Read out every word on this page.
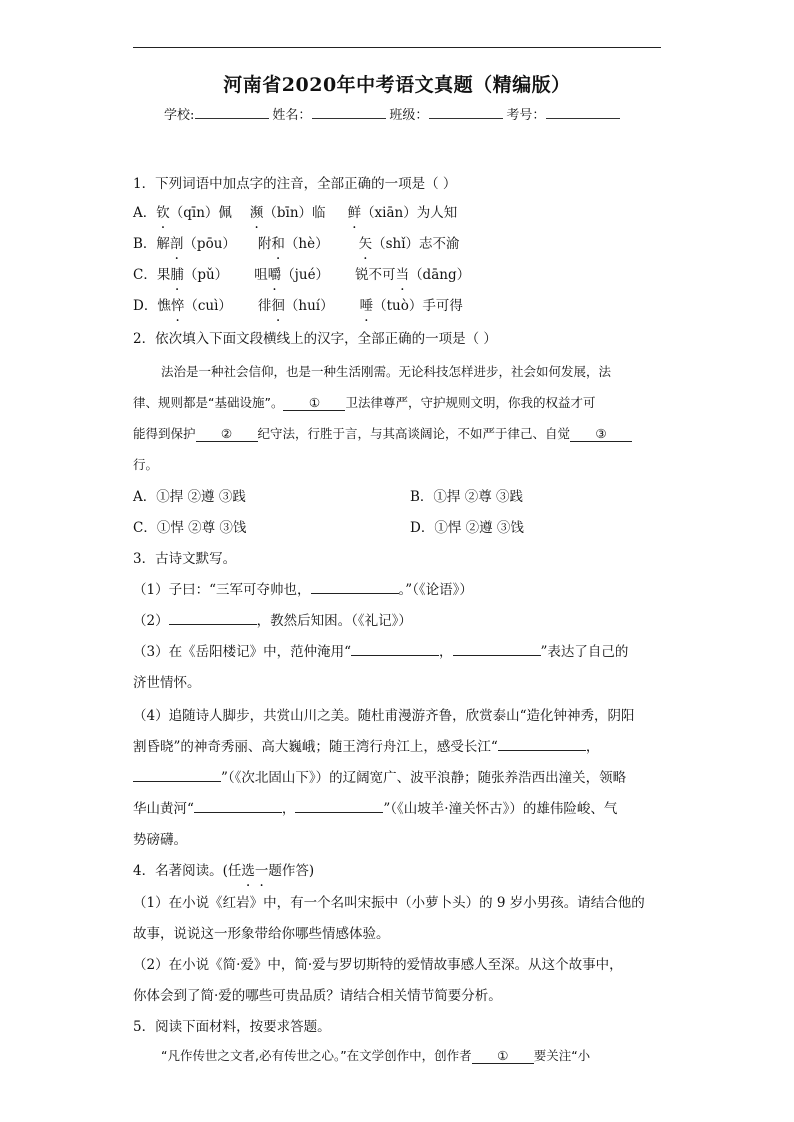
河南省2020年中考语文真题（精编版）
学校:	姓名：	班级：	考号：
1．下列词语中加点字的注音，全部正确的一项是（ ）
A．钦（qīn）佩 濒（bīn）临 鲜（xiān）为人知
B．解剖（pōu） 附和（hè） 矢（shǐ）志不渝
C．果脯（pǔ） 咀嚼（jué） 锐不可当（dāng）
D．憔悴（cuì） 徘徊（huí） 唾（tuò）手可得
2．依次填入下面文段横线上的汉字，全部正确的一项是（ ）
法治是一种社会信仰，也是一种生活刚需。无论科技怎样进步，社会如何发展，法
律、规则都是“基础设施”。 ① 卫法律尊严，守护规则文明，你我的权益才可
能得到保护 ② 纪守法，行胜于言，与其高谈阔论，不如严于律己、自觉 ③
行。
A．①捍 ②遵 ③践	B．①捍 ②尊 ③践
C．①悍 ②尊 ③饯	D．①悍 ②遵 ③饯
3．古诗文默写。
（1）子曰：“三军可夺帅也，	。”（《论语》）
（2）	，教然后知困。（《礼记》）
（3）在《岳阳楼记》中，范仲淹用“	，	”表达了自己的
济世情怀。
（4）追随诗人脚步，共赏山川之美。随杜甫漫游齐鲁，欣赏泰山“造化钟神秀，阴阳
割昏晓”的神奇秀丽、高大巍峨；随王湾行舟江上，感受长江“	，
”（《次北固山下》）的辽阔宽广、波平浪静；随张养浩西出潼关，领略
华山黄河“	，	”（《山坡羊·潼关怀古》）的雄伟险峻、气
势磅礴。
4．名著阅读。(任选一题作答)
（1）在小说《红岩》中，有一个名叫宋振中（小萝卜头）的 9 岁小男孩。请结合他的
故事，说说这一形象带给你哪些情感体验。
（2）在小说《简·爱》中，简·爱与罗切斯特的爱情故事感人至深。从这个故事中，
你体会到了简·爱的哪些可贵品质？请结合相关情节简要分析。
5．阅读下面材料，按要求答题。
“凡作传世之文者,必有传世之心。”在文学创作中，创作者 ① 要关注“小
